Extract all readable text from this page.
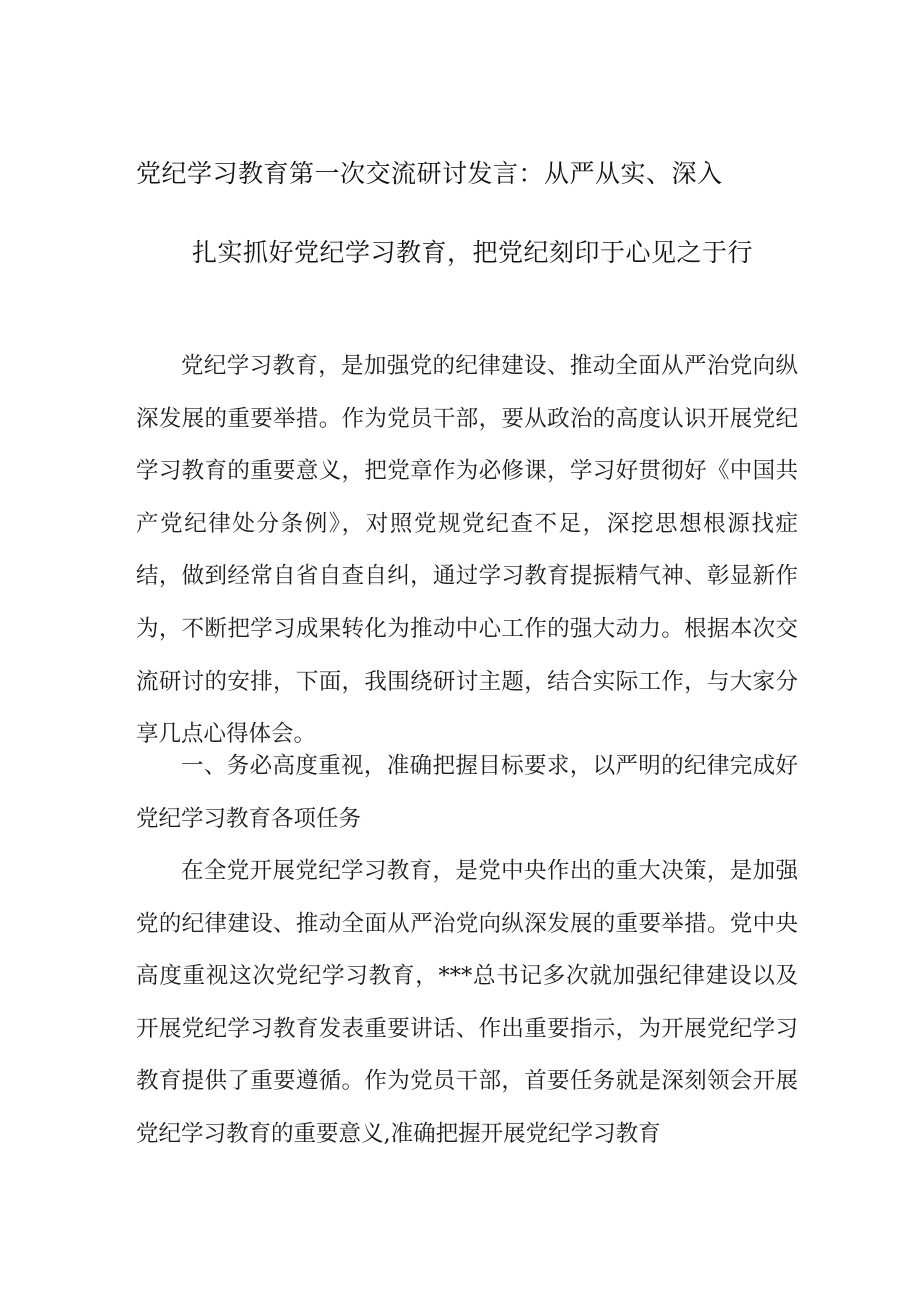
党纪学习教育第一次交流研讨发言：从严从实、深入
扎实抓好党纪学习教育，把党纪刻印于心见之于行

党纪学习教育，是加强党的纪律建设、推动全面从严治党向纵深发展的重要举措。作为党员干部，要从政治的高度认识开展党纪学习教育的重要意义，把党章作为必修课，学习好贯彻好《中国共产党纪律处分条例》，对照党规党纪查不足，深挖思想根源找症结，做到经常自省自查自纠，通过学习教育提振精气神、彰显新作为，不断把学习成果转化为推动中心工作的强大动力。根据本次交流研讨的安排，下面，我围绕研讨主题，结合实际工作，与大家分享几点心得体会。

一、务必高度重视，准确把握目标要求，以严明的纪律完成好党纪学习教育各项任务

在全党开展党纪学习教育，是党中央作出的重大决策，是加强党的纪律建设、推动全面从严治党向纵深发展的重要举措。党中央高度重视这次党纪学习教育，***总书记多次就加强纪律建设以及开展党纪学习教育发表重要讲话、作出重要指示，为开展党纪学习教育提供了重要遵循。作为党员干部，首要任务就是深刻领会开展党纪学习教育的重要意义,准确把握开展党纪学习教育
